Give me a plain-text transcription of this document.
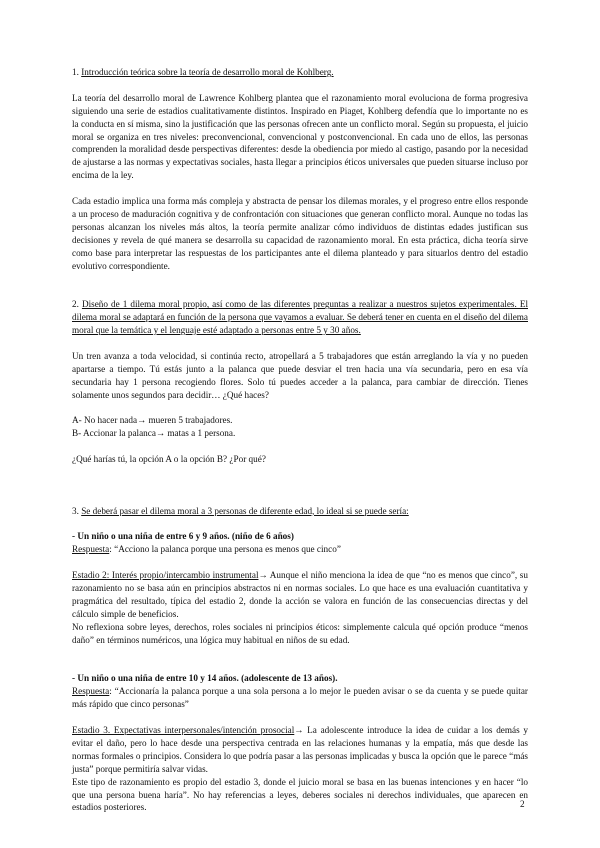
1. Introducción teórica sobre la teoría de desarrollo moral de Kohlberg.

La teoría del desarrollo moral de Lawrence Kohlberg plantea que el razonamiento moral evoluciona de forma progresiva siguiendo una serie de estadios cualitativamente distintos. Inspirado en Piaget, Kohlberg defendía que lo importante no es la conducta en sí misma, sino la justificación que las personas ofrecen ante un conflicto moral. Según su propuesta, el juicio moral se organiza en tres niveles: preconvencional, convencional y postconvencional. En cada uno de ellos, las personas comprenden la moralidad desde perspectivas diferentes: desde la obediencia por miedo al castigo, pasando por la necesidad de ajustarse a las normas y expectativas sociales, hasta llegar a principios éticos universales que pueden situarse incluso por encima de la ley.

Cada estadio implica una forma más compleja y abstracta de pensar los dilemas morales, y el progreso entre ellos responde a un proceso de maduración cognitiva y de confrontación con situaciones que generan conflicto moral. Aunque no todas las personas alcanzan los niveles más altos, la teoría permite analizar cómo individuos de distintas edades justifican sus decisiones y revela de qué manera se desarrolla su capacidad de razonamiento moral. En esta práctica, dicha teoría sirve como base para interpretar las respuestas de los participantes ante el dilema planteado y para situarlos dentro del estadio evolutivo correspondiente.

2. Diseño de 1 dilema moral propio, así como de las diferentes preguntas a realizar a nuestros sujetos experimentales. El dilema moral se adaptará en función de la persona que vayamos a evaluar. Se deberá tener en cuenta en el diseño del dilema moral que la temática y el lenguaje esté adaptado a personas entre 5 y 30 años.

Un tren avanza a toda velocidad, si continúa recto, atropellará a 5 trabajadores que están arreglando la vía y no pueden apartarse a tiempo. Tú estás junto a la palanca que puede desviar el tren hacia una vía secundaria, pero en esa vía secundaria hay 1 persona recogiendo flores. Solo tú puedes acceder a la palanca, para cambiar de dirección. Tienes solamente unos segundos para decidir… ¿Qué haces?

A- No hacer nada→ mueren 5 trabajadores.

B- Accionar la palanca→ matas a 1 persona.

¿Qué harías tú, la opción A o la opción B? ¿Por qué?

3. Se deberá pasar el dilema moral a 3 personas de diferente edad, lo ideal si se puede sería:

- Un niño o una niña de entre 6 y 9 años. (niño de 6 años)

Respuesta: “Acciono la palanca porque una persona es menos que cinco”

Estadio 2: Interés propio/intercambio instrumental→ Aunque el niño menciona la idea de que “no es menos que cinco”, su razonamiento no se basa aún en principios abstractos ni en normas sociales. Lo que hace es una evaluación cuantitativa y pragmática del resultado, típica del estadio 2, donde la acción se valora en función de las consecuencias directas y del cálculo simple de beneficios.

No reflexiona sobre leyes, derechos, roles sociales ni principios éticos: simplemente calcula qué opción produce “menos daño” en términos numéricos, una lógica muy habitual en niños de su edad.

- Un niño o una niña de entre 10 y 14 años. (adolescente de 13 años).

Respuesta: “Accionaría la palanca porque a una sola persona a lo mejor le pueden avisar o se da cuenta y se puede quitar más rápido que cinco personas”

Estadio 3. Expectativas interpersonales/intención prosocial→ La adolescente introduce la idea de cuidar a los demás y evitar el daño, pero lo hace desde una perspectiva centrada en las relaciones humanas y la empatía, más que desde las normas formales o principios. Considera lo que podría pasar a las personas implicadas y busca la opción que le parece “más justa” porque permitiría salvar vidas.

Este tipo de razonamiento es propio del estadio 3, donde el juicio moral se basa en las buenas intenciones y en hacer “lo que una persona buena haría”. No hay referencias a leyes, deberes sociales ni derechos individuales, que aparecen en estadios posteriores.	2
